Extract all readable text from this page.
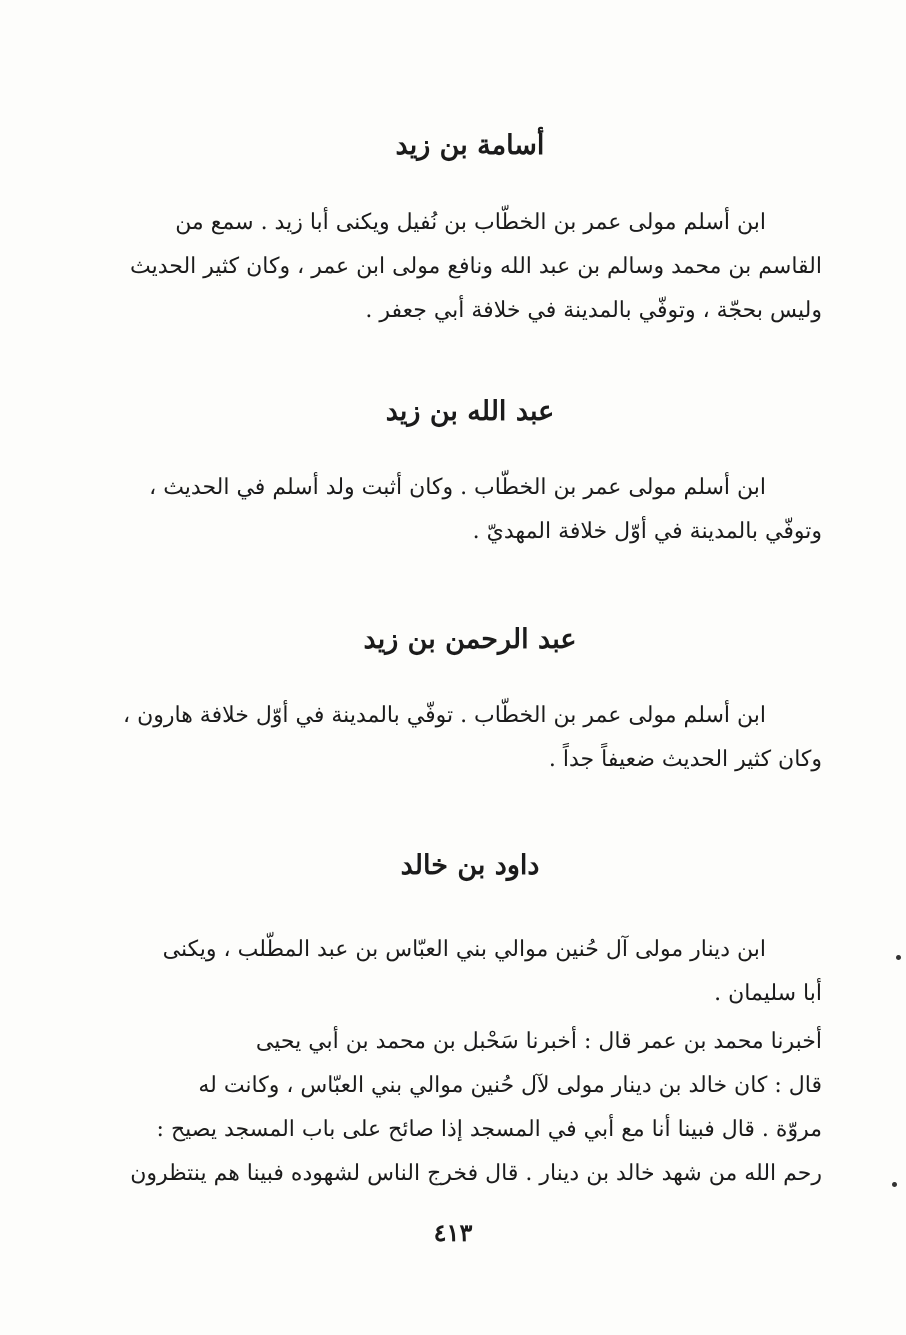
أسامة بن زيد

ابن أسلم مولى عمر بن الخطّاب بن نُفيل ويكنى أبا زيد . سمع من
القاسم بن محمد وسالم بن عبد الله ونافع مولى ابن عمر ، وكان كثير الحديث
وليس بحجّة ، وتوفّي بالمدينة في خلافة أبي جعفر .

عبد الله بن زيد

ابن أسلم مولى عمر بن الخطّاب . وكان أثبت ولد أسلم في الحديث ،
وتوفّي بالمدينة في أوّل خلافة المهديّ .

عبد الرحمن بن زيد

ابن أسلم مولى عمر بن الخطّاب . توفّي بالمدينة في أوّل خلافة هارون ،
وكان كثير الحديث ضعيفاً جداً .

داود بن خالد

ابن دينار مولى آل حُنين موالي بني العبّاس بن عبد المطّلب ، ويكنى
أبا سليمان .

أخبرنا محمد بن عمر قال : أخبرنا سَحْبل بن محمد بن أبي يحيى
قال : كان خالد بن دينار مولى لآل حُنين موالي بني العبّاس ، وكانت له
مروّة . قال فبينا أنا مع أبي في المسجد إذا صائح على باب المسجد يصيح :
رحم الله من شهد خالد بن دينار . قال فخرج الناس لشهوده فبينا هم ينتظرون

٤١٣
